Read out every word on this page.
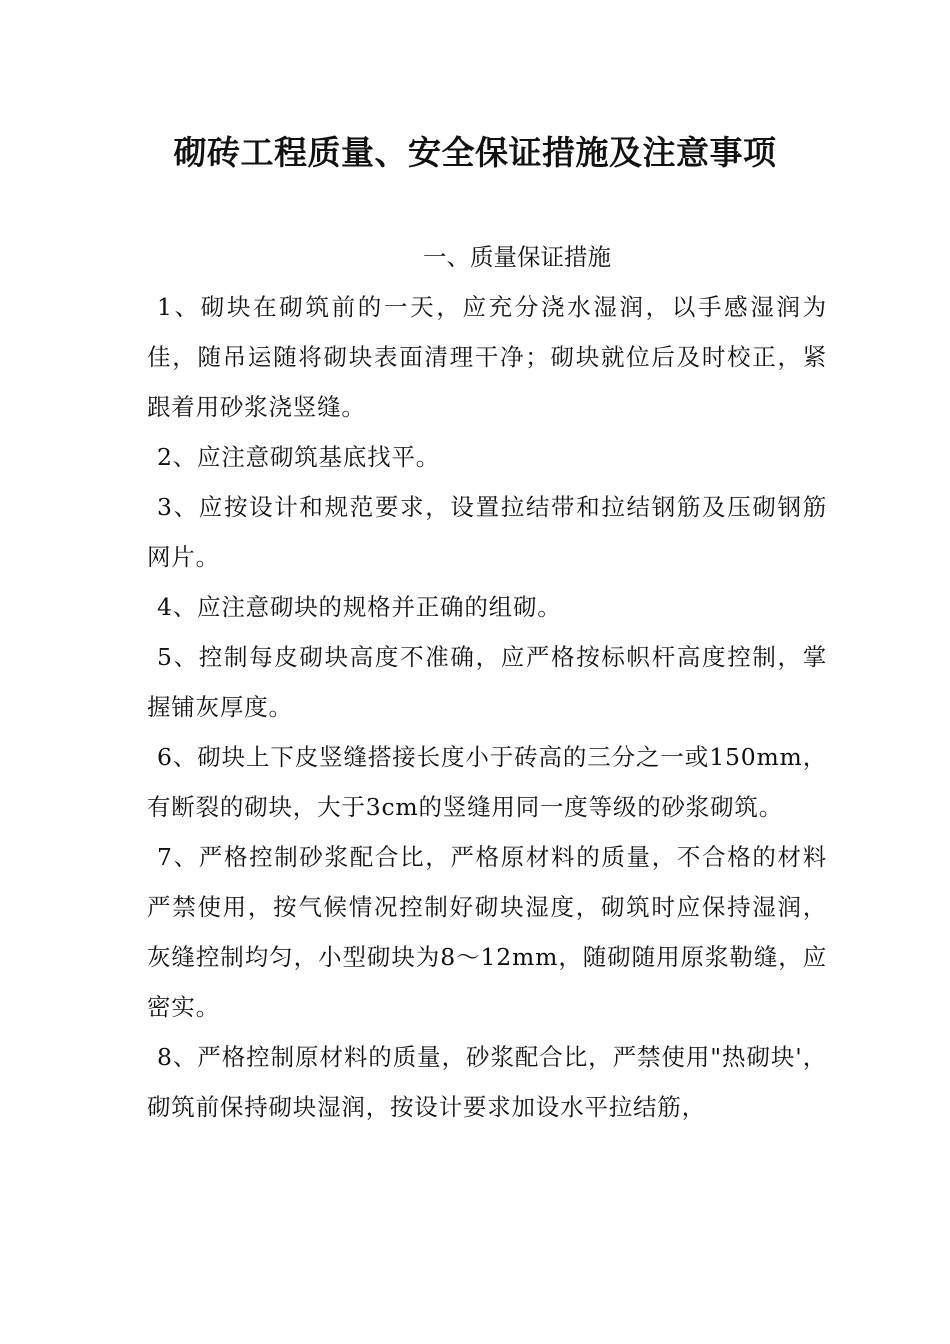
砌砖工程质量、安全保证措施及注意事项
一、质量保证措施

1、砌块在砌筑前的一天，应充分浇水湿润，以手感湿润为佳，随吊运随将砌块表面清理干净；砌块就位后及时校正，紧跟着用砂浆浇竖缝。

2、应注意砌筑基底找平。

3、应按设计和规范要求，设置拉结带和拉结钢筋及压砌钢筋网片。

4、应注意砌块的规格并正确的组砌。

5、控制每皮砌块高度不准确，应严格按标帜杆高度控制，掌握铺灰厚度。

6、砌块上下皮竖缝搭接长度小于砖高的三分之一或150mm，有断裂的砌块，大于3cm的竖缝用同一度等级的砂浆砌筑。

7、严格控制砂浆配合比，严格原材料的质量，不合格的材料严禁使用，按气候情况控制好砌块湿度，砌筑时应保持湿润，灰缝控制均匀，小型砌块为8～12mm，随砌随用原浆勒缝，应密实。

8、严格控制原材料的质量，砂浆配合比，严禁使用"热砌块'，砌筑前保持砌块湿润，按设计要求加设水平拉结筋，
